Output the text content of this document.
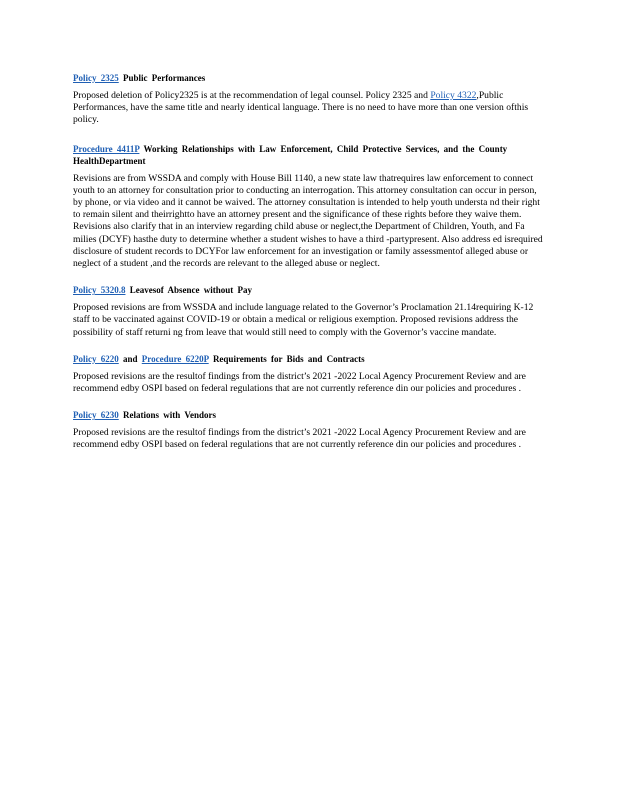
Policy 2325 Public Performances

Proposed deletion of Policy2325 is at the recommendation of legal counsel. Policy 2325 and Policy 4322,Public Performances, have the same title and nearly identical language. There is no need to have more than one version ofthis policy.

Procedure 4411P Working Relationships with Law Enforcement, Child Protective Services, and the County HealthDepartment

Revisions are from WSSDA and comply with House Bill 1140, a new state law thatrequires law enforcement to connect youth to an attorney for consultation prior to conducting an interrogation. This attorney consultation can occur in person, by phone, or via video and it cannot be waived. The attorney consultation is intended to help youth understa nd their right to remain silent and theirrightto have an attorney present and the significance of these rights before they waive them. Revisions also clarify that in an interview regarding child abuse or neglect,the Department of Children, Youth, and Fa milies (DCYF) hasthe duty to determine whether a student wishes to have a third -partypresent. Also address ed isrequired disclosure of student records to DCYFor law enforcement for an investigation or family assessmentof alleged abuse or neglect of a student ,and the records are relevant to the alleged abuse or neglect.

Policy 5320.8 Leavesof Absence without Pay

Proposed revisions are from WSSDA and include language related to the Governor’s Proclamation 21.14requiring K-12 staff to be vaccinated against COVID-19 or obtain a medical or religious exemption. Proposed revisions address the possibility of staff returni ng from leave that would still need to comply with the Governor’s vaccine mandate.

Policy 6220 and Procedure 6220P Requirements for Bids and Contracts

Proposed revisions are the resultof findings from the district’s 2021 -2022 Local Agency Procurement Review and are recommend edby OSPI based on federal regulations that are not currently reference din our policies and procedures .

Policy 6230 Relations with Vendors

Proposed revisions are the resultof findings from the district’s 2021 -2022 Local Agency Procurement Review and are recommend edby OSPI based on federal regulations that are not currently reference din our policies and procedures .
